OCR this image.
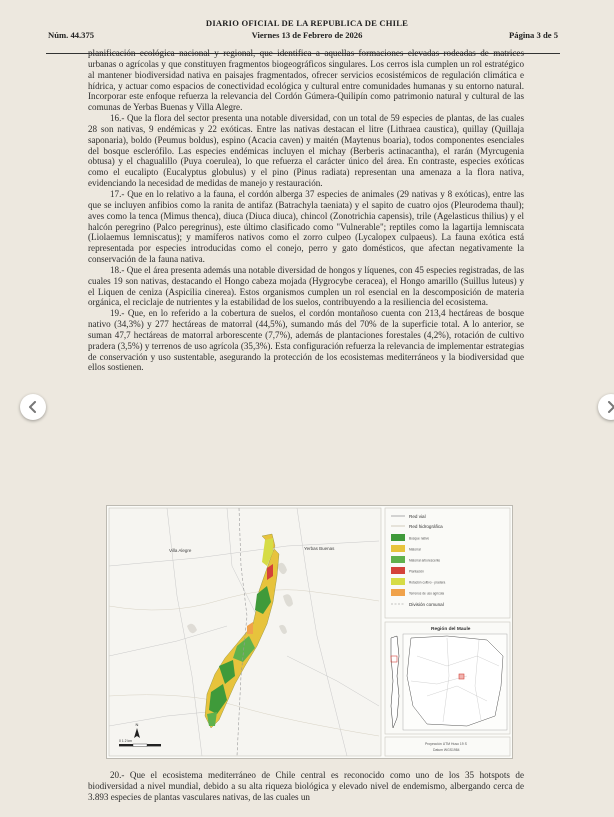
DIARIO OFICIAL DE LA REPUBLICA DE CHILE
Núm. 44.375	Viernes 13 de Febrero de 2026	Página 3 de 5

planificación ecológica nacional y regional, que identifica a aquellas formaciones elevadas rodeadas de matrices urbanas o agrícolas y que constituyen fragmentos biogeográficos singulares. Los cerros isla cumplen un rol estratégico al mantener biodiversidad nativa en paisajes fragmentados, ofrecer servicios ecosistémicos de regulación climática e hídrica, y actuar como espacios de conectividad ecológica y cultural entre comunidades humanas y su entorno natural. Incorporar este enfoque refuerza la relevancia del Cordón Gúmera-Quilipín como patrimonio natural y cultural de las comunas de Yerbas Buenas y Villa Alegre.

16.- Que la flora del sector presenta una notable diversidad, con un total de 59 especies de plantas, de las cuales 28 son nativas, 9 endémicas y 22 exóticas. Entre las nativas destacan el litre (Lithraea caustica), quillay (Quillaja saponaria), boldo (Peumus boldus), espino (Acacia caven) y maitén (Maytenus boaria), todos componentes esenciales del bosque esclerófilo. Las especies endémicas incluyen el michay (Berberis actinacantha), el rarán (Myrcugenia obtusa) y el chagualillo (Puya coerulea), lo que refuerza el carácter único del área. En contraste, especies exóticas como el eucalipto (Eucalyptus globulus) y el pino (Pinus radiata) representan una amenaza a la flora nativa, evidenciando la necesidad de medidas de manejo y restauración.

17.- Que en lo relativo a la fauna, el cordón alberga 37 especies de animales (29 nativas y 8 exóticas), entre las que se incluyen anfibios como la ranita de antifaz (Batrachyla taeniata) y el sapito de cuatro ojos (Pleurodema thaul); aves como la tenca (Mimus thenca), diuca (Diuca diuca), chincol (Zonotrichia capensis), trile (Agelasticus thilius) y el halcón peregrino (Palco peregrinus), este último clasificado como "Vulnerable"; reptiles como la lagartija lemniscata (Liolaemus lemniscatus); y mamíferos nativos como el zorro culpeo (Lycalopex culpaeus). La fauna exótica está representada por especies introducidas como el conejo, perro y gato domésticos, que afectan negativamente la conservación de la fauna nativa.

18.- Que el área presenta además una notable diversidad de hongos y líquenes, con 45 especies registradas, de las cuales 19 son nativas, destacando el Hongo cabeza mojada (Hygrocybe ceracea), el Hongo amarillo (Suillus luteus) y el Liquen de ceniza (Aspicilia cinerea). Estos organismos cumplen un rol esencial en la descomposición de materia orgánica, el reciclaje de nutrientes y la estabilidad de los suelos, contribuyendo a la resiliencia del ecosistema.

19.- Que, en lo referido a la cobertura de suelos, el cordón montañoso cuenta con 213,4 hectáreas de bosque nativo (34,3%) y 277 hectáreas de matorral (44,5%), sumando más del 70% de la superficie total. A lo anterior, se suman 47,7 hectáreas de matorral arborescente (7,7%), además de plantaciones forestales (4,2%), rotación de cultivo pradera (3,5%) y terrenos de uso agrícola (35,3%). Esta configuración refuerza la relevancia de implementar estrategias de conservación y uso sustentable, asegurando la protección de los ecosistemas mediterráneos y la biodiversidad que ellos sostienen.

Villa Alegre	Yerbas Buenas
0 1 2 km
N
Red vial
Red hidrográfica
Bosque nativo
Matorral
Matorral arborescente
Plantación
Rotación cultivo - pradera
Terrenos de uso agrícola
División comunal
Región del Maule
Proyección UTM Huso 19 S
Datum WGS1984

20.- Que el ecosistema mediterráneo de Chile central es reconocido como uno de los 35 hotspots de biodiversidad a nivel mundial, debido a su alta riqueza biológica y elevado nivel de endemismo, albergando cerca de 3.893 especies de plantas vasculares nativas, de las cuales un
